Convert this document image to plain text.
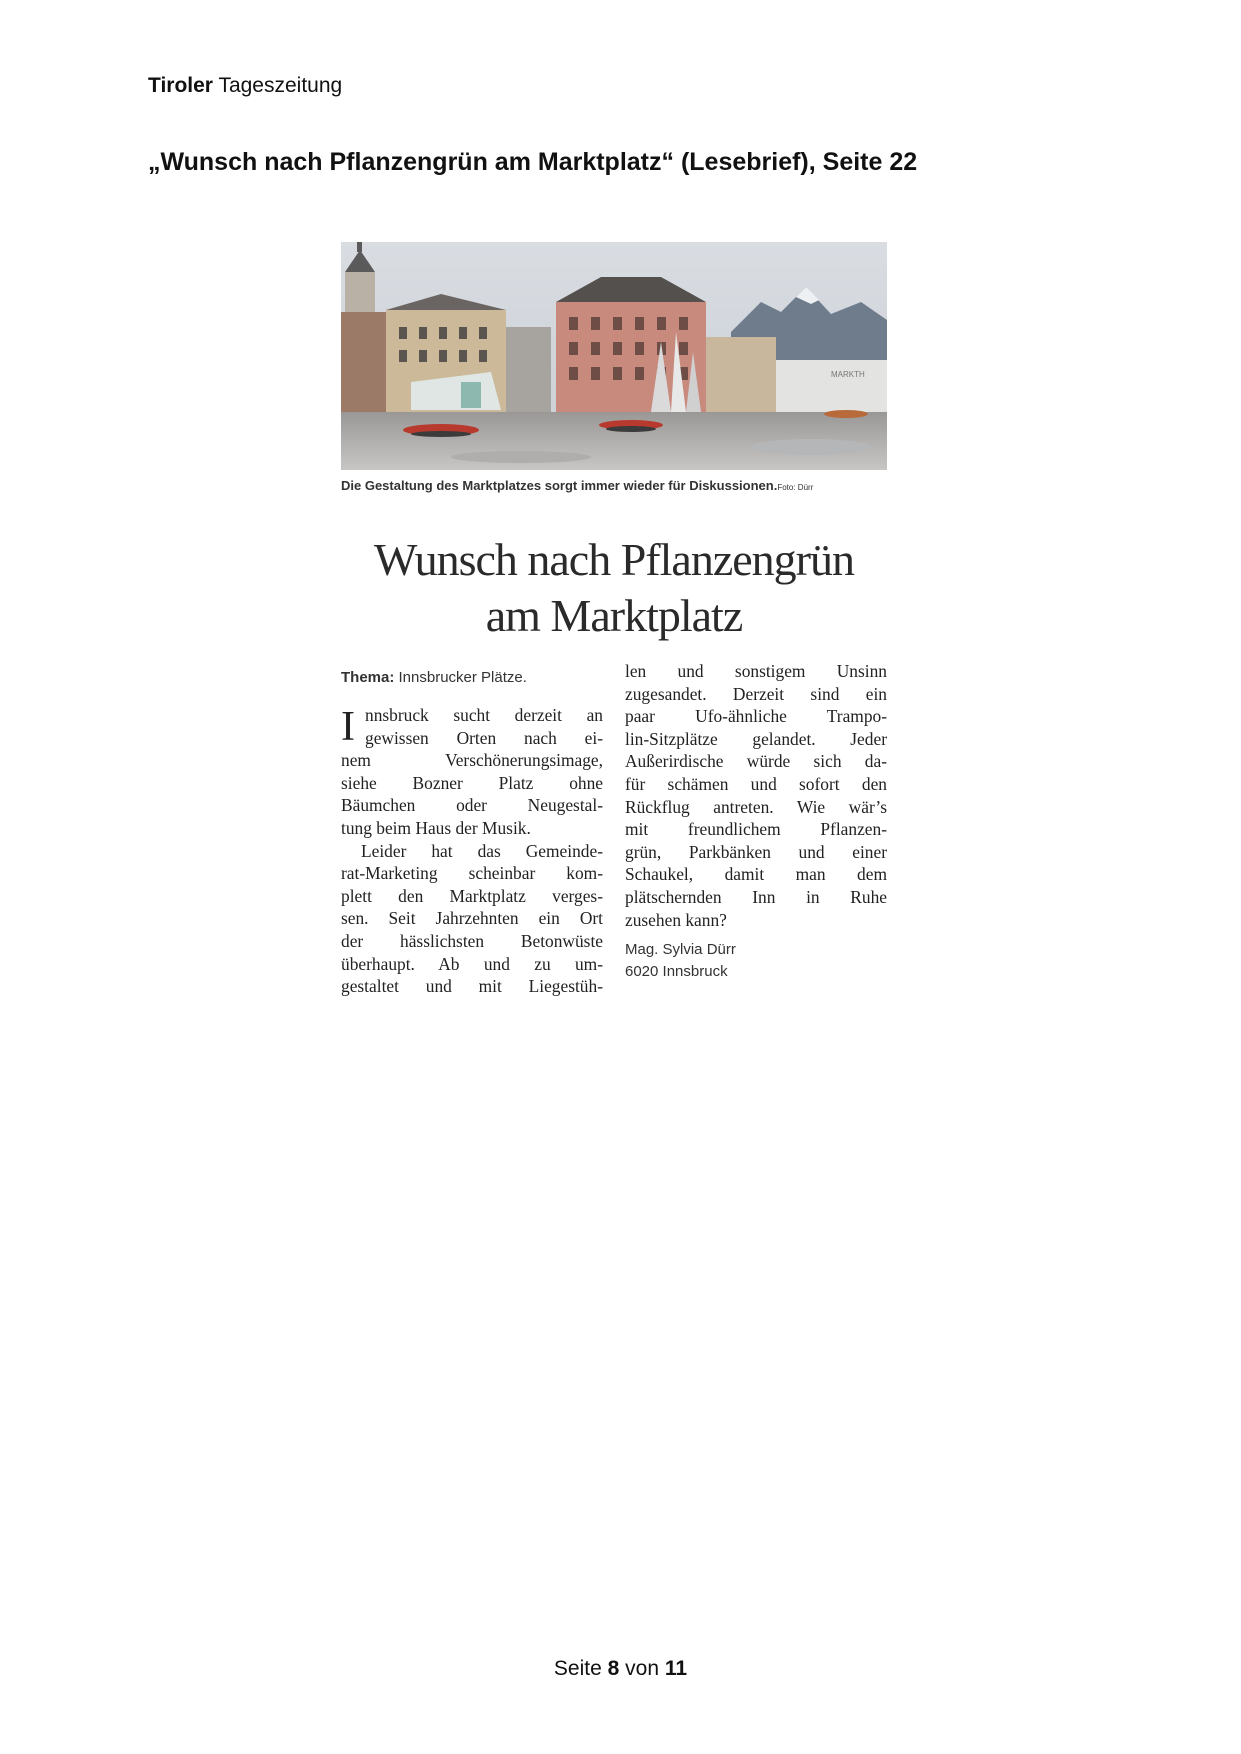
Tiroler Tageszeitung
„Wunsch nach Pflanzengrün am Marktplatz“ (Lesebrief), Seite 22
MARKTH
Die Gestaltung des Marktplatzes sorgt immer wieder für Diskussionen.Foto: Dürr
Wunsch nach Pflanzengrün
am Marktplatz
Thema: Innsbrucker Plätze.
I nnsbruck sucht derzeit an
gewissen Orten nach ei-
nem Verschönerungsimage,
siehe Bozner Platz ohne
Bäumchen oder Neugestal-
tung beim Haus der Musik.
Leider hat das Gemeinde-
rat-Marketing scheinbar kom-
plett den Marktplatz verges-
sen. Seit Jahrzehnten ein Ort
der hässlichsten Betonwüste
überhaupt. Ab und zu um-
gestaltet und mit Liegestüh-
len und sonstigem Unsinn
zugesandet. Derzeit sind ein
paar Ufo-ähnliche Trampo-
lin-Sitzplätze gelandet. Jeder
Außerirdische würde sich da-
für schämen und sofort den
Rückflug antreten. Wie wär’s
mit freundlichem Pflanzen-
grün, Parkbänken und einer
Schaukel, damit man dem
plätschernden Inn in Ruhe
zusehen kann?
Mag. Sylvia Dürr
6020 Innsbruck
Seite 8 von 11
